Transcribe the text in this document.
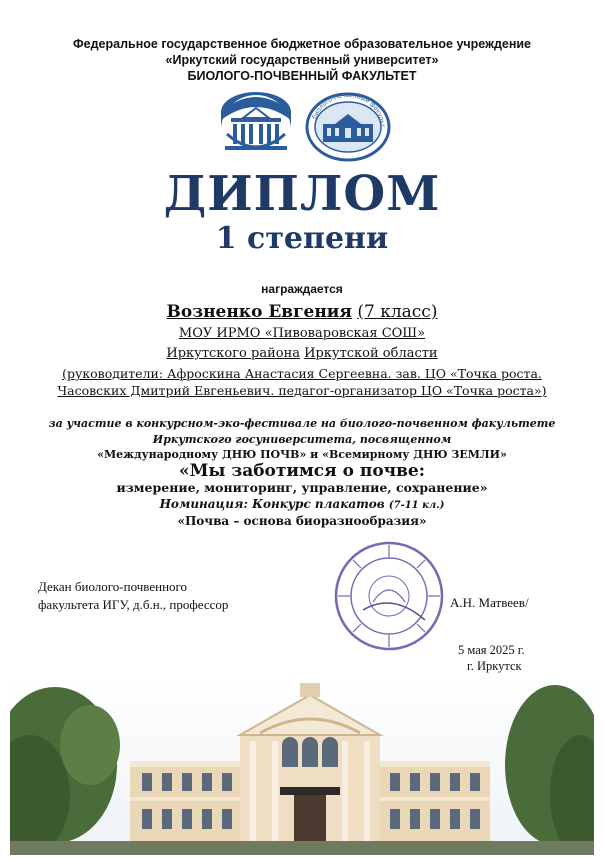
Федеральное государственное бюджетное образовательное учреждение
«Иркутский государственный университет»
БИОЛОГО-ПОЧВЕННЫЙ ФАКУЛЬТЕТ
биолого-почвенный факульт
ДИПЛОМ
1 степени
награждается
Возненко Евгения (7 класс)
МОУ ИРМО «Пивоваровская СОШ»
Иркутского района Иркутской области
(руководители: Афроскина Анастасия Сергеевна. зав. ЦО «Точка роста.
Часовских Дмитрий Евгеньевич. педагог-организатор ЦО «Точка роста»)
за участие в конкурсном-эко-фестивале на биолого-почвенном факультете
Иркутского госуниверситета, посвященном
«Международному ДНЮ ПОЧВ» и «Всемирному ДНЮ ЗЕМЛИ»
«Мы заботимся о почве:
измерение, мониторинг, управление, сохранение»
Номинация: Конкурс плакатов (7-11 кл.)
«Почва – основа биоразнообразия»
Декан биолого-почвенного
факультета ИГУ, д.б.н., профессор	А.Н. Матвеев/
5 мая 2025 г.
г. Иркутск
